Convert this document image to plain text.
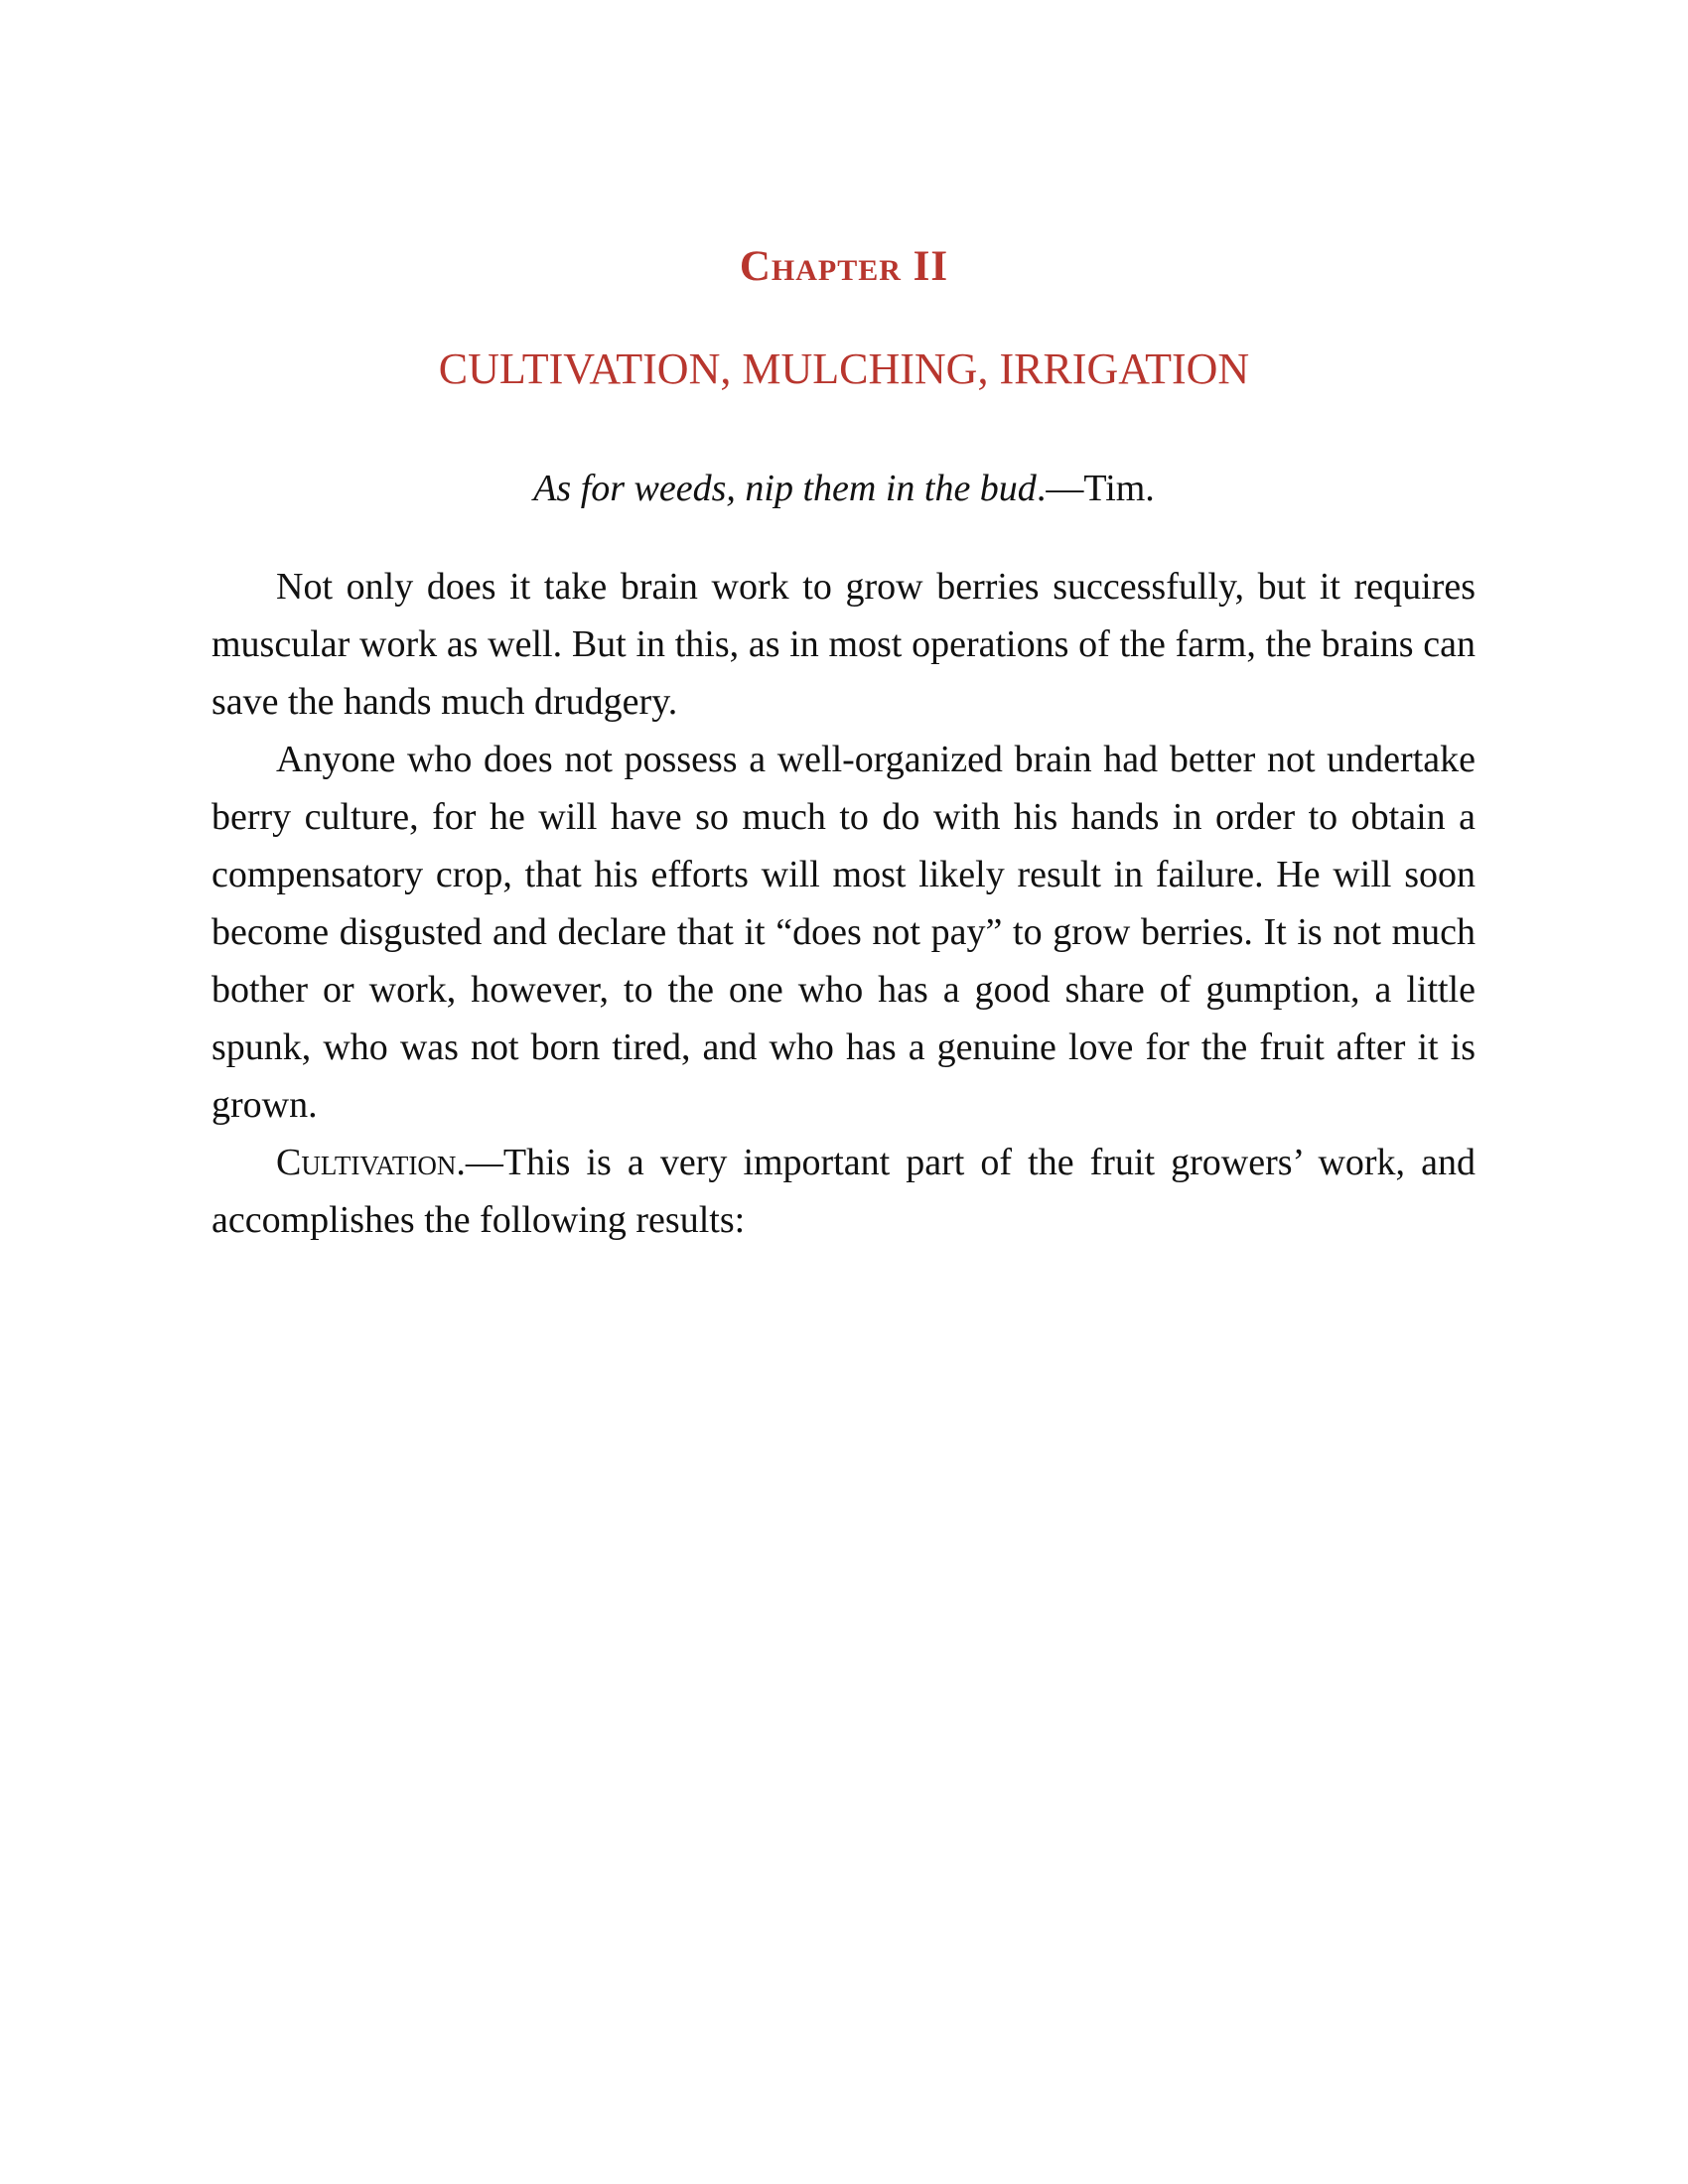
Chapter II
CULTIVATION, MULCHING, IRRIGATION

As for weeds, nip them in the bud.—Tim.

Not only does it take brain work to grow berries successfully, but it requires muscular work as well. But in this, as in most operations of the farm, the brains can save the hands much drudgery.

Anyone who does not possess a well-organized brain had better not undertake berry culture, for he will have so much to do with his hands in order to obtain a compensatory crop, that his efforts will most likely result in failure. He will soon become disgusted and declare that it “does not pay” to grow berries. It is not much bother or work, however, to the one who has a good share of gumption, a little spunk, who was not born tired, and who has a genuine love for the fruit after it is grown.

Cultivation.—This is a very important part of the fruit growers’ work, and accomplishes the following results:
